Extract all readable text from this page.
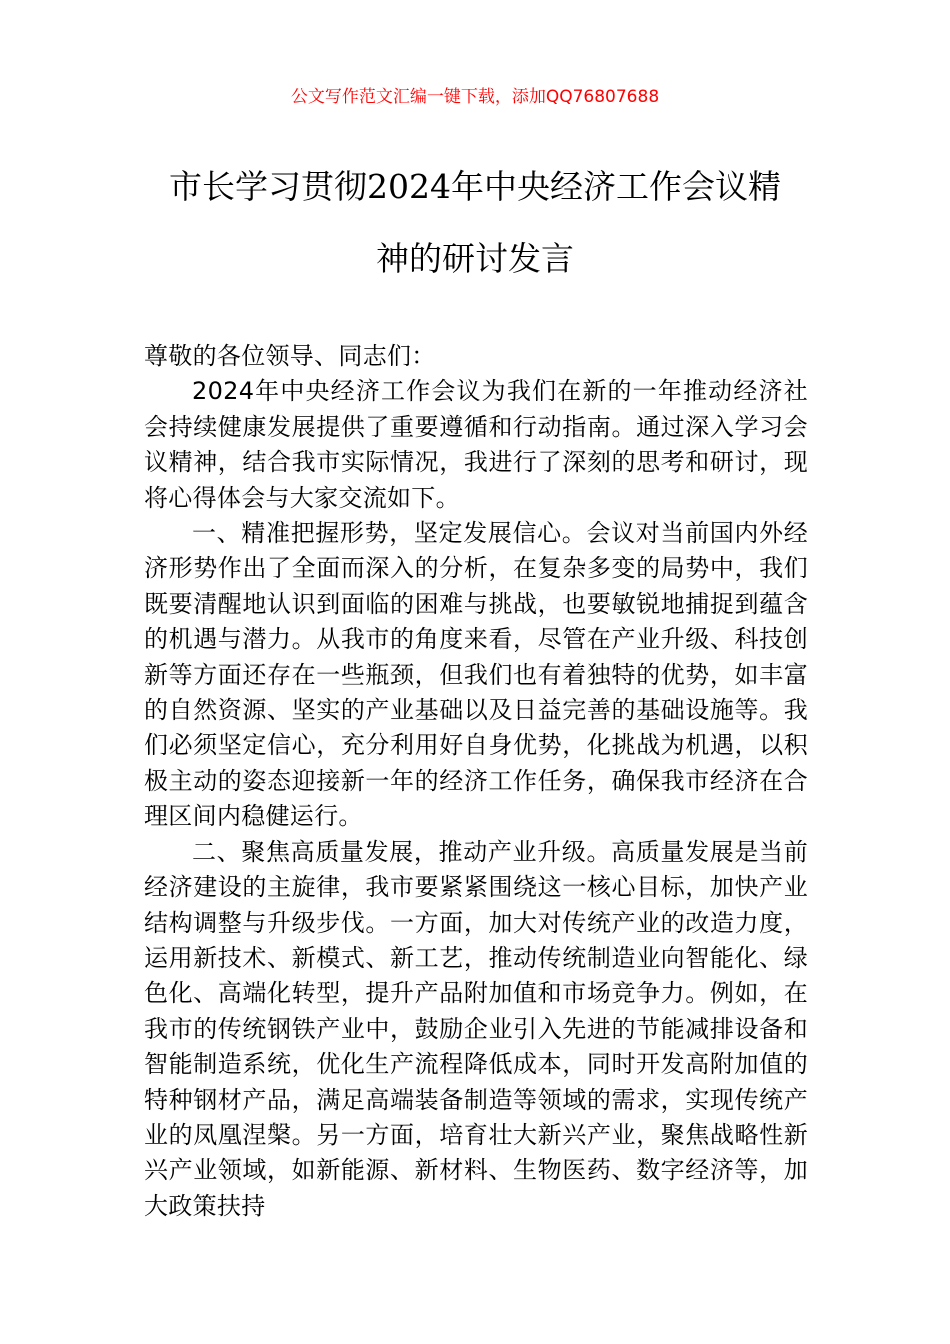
公文写作范文汇编一键下载，添加QQ76807688
市长学习贯彻2024年中央经济工作会议精
神的研讨发言

尊敬的各位领导、同志们：

2024年中央经济工作会议为我们在新的一年推动经济社会持续健康发展提供了重要遵循和行动指南。通过深入学习会议精神，结合我市实际情况，我进行了深刻的思考和研讨，现将心得体会与大家交流如下。

一、精准把握形势，坚定发展信心。会议对当前国内外经济形势作出了全面而深入的分析，在复杂多变的局势中，我们既要清醒地认识到面临的困难与挑战，也要敏锐地捕捉到蕴含的机遇与潜力。从我市的角度来看，尽管在产业升级、科技创新等方面还存在一些瓶颈，但我们也有着独特的优势，如丰富的自然资源、坚实的产业基础以及日益完善的基础设施等。我们必须坚定信心，充分利用好自身优势，化挑战为机遇，以积极主动的姿态迎接新一年的经济工作任务，确保我市经济在合理区间内稳健运行。

二、聚焦高质量发展，推动产业升级。高质量发展是当前经济建设的主旋律，我市要紧紧围绕这一核心目标，加快产业结构调整与升级步伐。一方面，加大对传统产业的改造力度，运用新技术、新模式、新工艺，推动传统制造业向智能化、绿色化、高端化转型，提升产品附加值和市场竞争力。例如，在我市的传统钢铁产业中，鼓励企业引入先进的节能减排设备和智能制造系统，优化生产流程降低成本，同时开发高附加值的特种钢材产品，满足高端装备制造等领域的需求，实现传统产业的凤凰涅槃。另一方面，培育壮大新兴产业，聚焦战略性新兴产业领域，如新能源、新材料、生物医药、数字经济等，加大政策扶持
